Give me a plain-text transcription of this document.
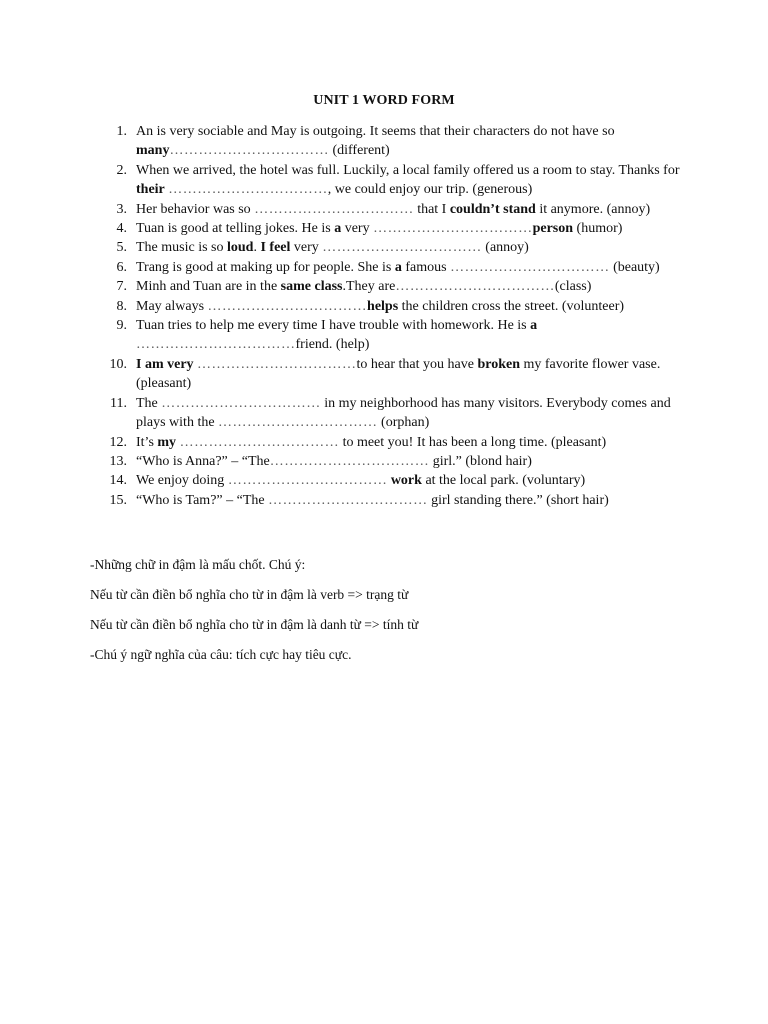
UNIT 1 WORD FORM
1. An is very sociable and May is outgoing. It seems that their characters do not have so many…………………………… (different)
2. When we arrived, the hotel was full. Luckily, a local family offered us a room to stay. Thanks for their ……………………………, we could enjoy our trip. (generous)
3. Her behavior was so …………………………… that I couldn’t stand it anymore. (annoy)
4. Tuan is good at telling jokes. He is a very ……………………………person (humor)
5. The music is so loud. I feel very …………………………… (annoy)
6. Trang is good at making up for people. She is a famous …………………………… (beauty)
7. Minh and Tuan are in the same class.They are……………………………(class)
8. May always ……………………………helps the children cross the street. (volunteer)
9. Tuan tries to help me every time I have trouble with homework. He is a ……………………………friend. (help)
10. I am very ……………………………to hear that you have broken my favorite flower vase. (pleasant)
11. The …………………………… in my neighborhood has many visitors. Everybody comes and plays with the …………………………… (orphan)
12. It’s my …………………………… to meet you! It has been a long time. (pleasant)
13. “Who is Anna?” – “The…………………………… girl.” (blond hair)
14. We enjoy doing …………………………… work at the local park. (voluntary)
15. “Who is Tam?” – “The …………………………… girl standing there.” (short hair)

-Những chữ in đậm là mấu chốt. Chú ý:

Nếu từ cần điền bổ nghĩa cho từ in đậm là verb => trạng từ

Nếu từ cần điền bổ nghĩa cho từ in đậm là danh từ => tính từ

-Chú ý ngữ nghĩa của câu: tích cực hay tiêu cực.
